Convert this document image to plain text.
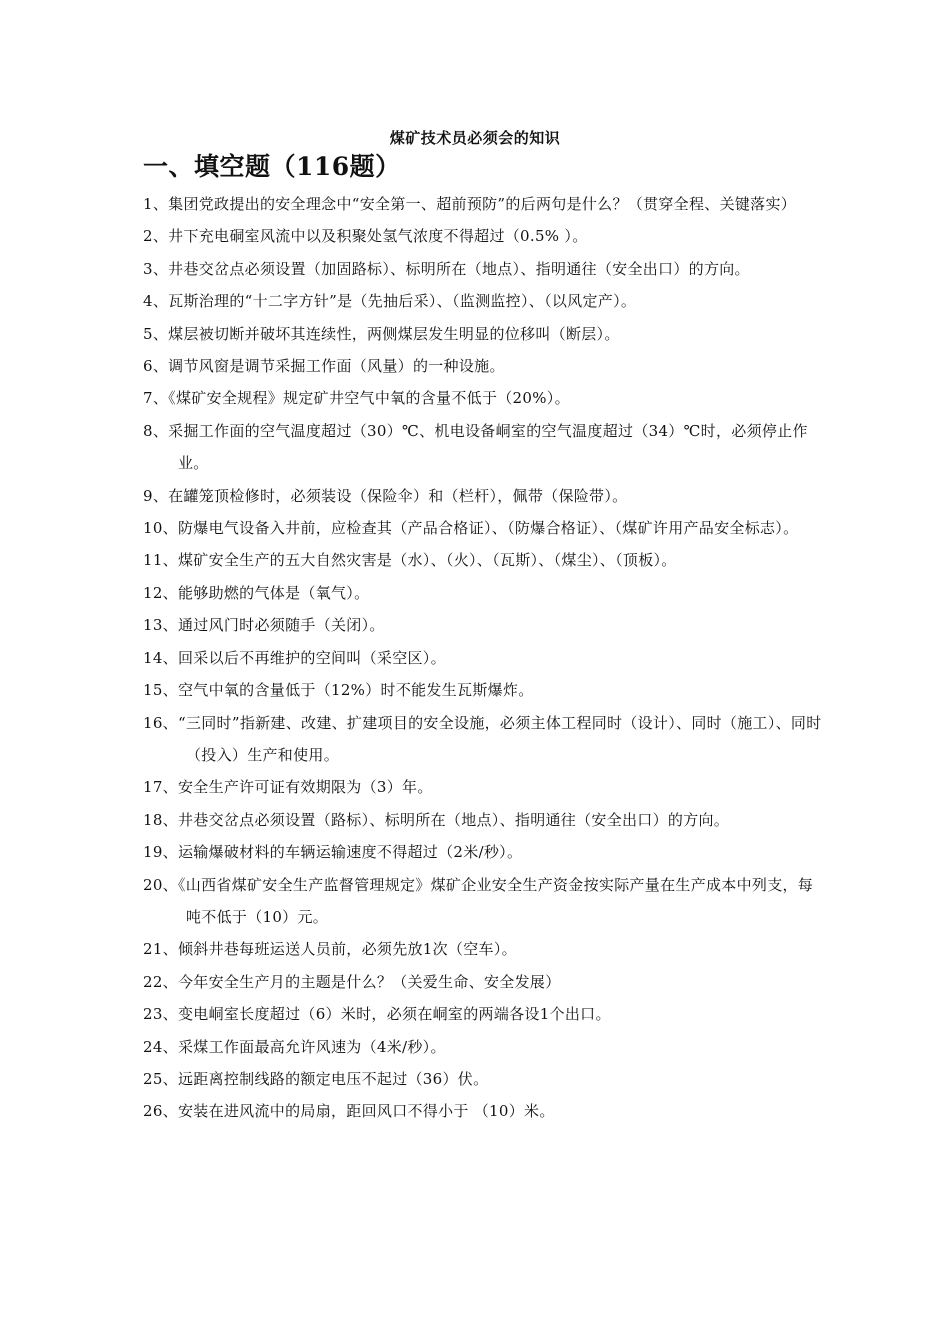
煤矿技术员必须会的知识
一、填空题（116题）
1、集团党政提出的安全理念中“安全第一、超前预防”的后两句是什么？（贯穿全程、关键落实）
2、井下充电硐室风流中以及积聚处氢气浓度不得超过（0.5% ）。
3、井巷交岔点必须设置（加固路标）、标明所在（地点）、指明通往（安全出口）的方向。
4、瓦斯治理的“十二字方针”是（先抽后采）、（监测监控）、（以风定产）。
5、煤层被切断并破坏其连续性，两侧煤层发生明显的位移叫（断层）。
6、调节风窗是调节采掘工作面（风量）的一种设施。
7、《煤矿安全规程》规定矿井空气中氧的含量不低于（20%）。
8、采掘工作面的空气温度超过（30）℃、机电设备峒室的空气温度超过（34）℃时，必须停止作业。
9、在罐笼顶检修时，必须装设（保险伞）和（栏杆），佩带（保险带）。
10、防爆电气设备入井前，应检查其（产品合格证）、（防爆合格证）、（煤矿许用产品安全标志）。
11、煤矿安全生产的五大自然灾害是（水）、（火）、（瓦斯）、（煤尘）、（顶板）。
12、能够助燃的气体是（氧气）。
13、通过风门时必须随手（关闭）。
14、回采以后不再维护的空间叫（采空区）。
15、空气中氧的含量低于（12%）时不能发生瓦斯爆炸。
16、“三同时”指新建、改建、扩建项目的安全设施，必须主体工程同时（设计）、同时（施工）、同时（投入）生产和使用。
17、安全生产许可证有效期限为（3）年。
18、井巷交岔点必须设置（路标）、标明所在（地点）、指明通往（安全出口）的方向。
19、运输爆破材料的车辆运输速度不得超过（2米/秒）。
20、《山西省煤矿安全生产监督管理规定》煤矿企业安全生产资金按实际产量在生产成本中列支，每吨不低于（10）元。
21、倾斜井巷每班运送人员前，必须先放1次（空车）。
22、今年安全生产月的主题是什么？（关爱生命、安全发展）
23、变电峒室长度超过（6）米时，必须在峒室的两端各设1个出口。
24、采煤工作面最高允许风速为（4米/秒）。
25、远距离控制线路的额定电压不起过（36）伏。
26、安装在进风流中的局扇，距回风口不得小于 （10）米。
